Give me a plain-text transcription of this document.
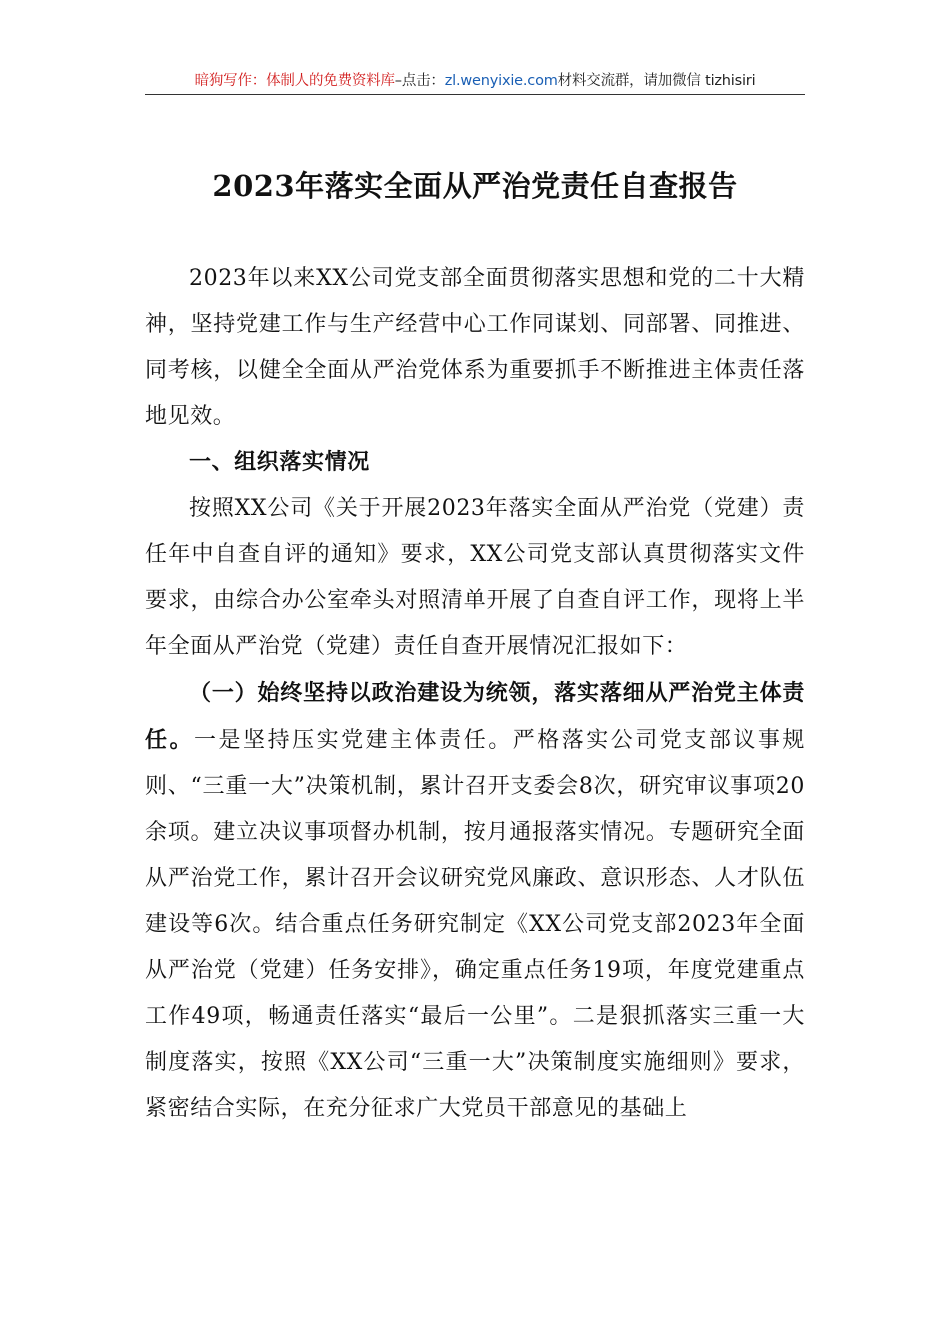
暗狗写作：体制人的免费资料库–点击：zl.wenyixie.com材料交流群，请加微信 tizhisiri
2023年落实全面从严治党责任自查报告

2023年以来XX公司党支部全面贯彻落实思想和党的二十大精神，坚持党建工作与生产经营中心工作同谋划、同部署、同推进、同考核，以健全全面从严治党体系为重要抓手不断推进主体责任落地见效。

一、组织落实情况

按照XX公司《关于开展2023年落实全面从严治党（党建）责任年中自查自评的通知》要求，XX公司党支部认真贯彻落实文件要求，由综合办公室牵头对照清单开展了自查自评工作，现将上半年全面从严治党（党建）责任自查开展情况汇报如下：

（一）始终坚持以政治建设为统领，落实落细从严治党主体责任。一是坚持压实党建主体责任。严格落实公司党支部议事规则、“三重一大”决策机制，累计召开支委会8次，研究审议事项20余项。建立决议事项督办机制，按月通报落实情况。专题研究全面从严治党工作，累计召开会议研究党风廉政、意识形态、人才队伍建设等6次。结合重点任务研究制定《XX公司党支部2023年全面从严治党（党建）任务安排》，确定重点任务19项，年度党建重点工作49项，畅通责任落实“最后一公里”。二是狠抓落实三重一大制度落实，按照《XX公司“三重一大”决策制度实施细则》要求，紧密结合实际，在充分征求广大党员干部意见的基础上
